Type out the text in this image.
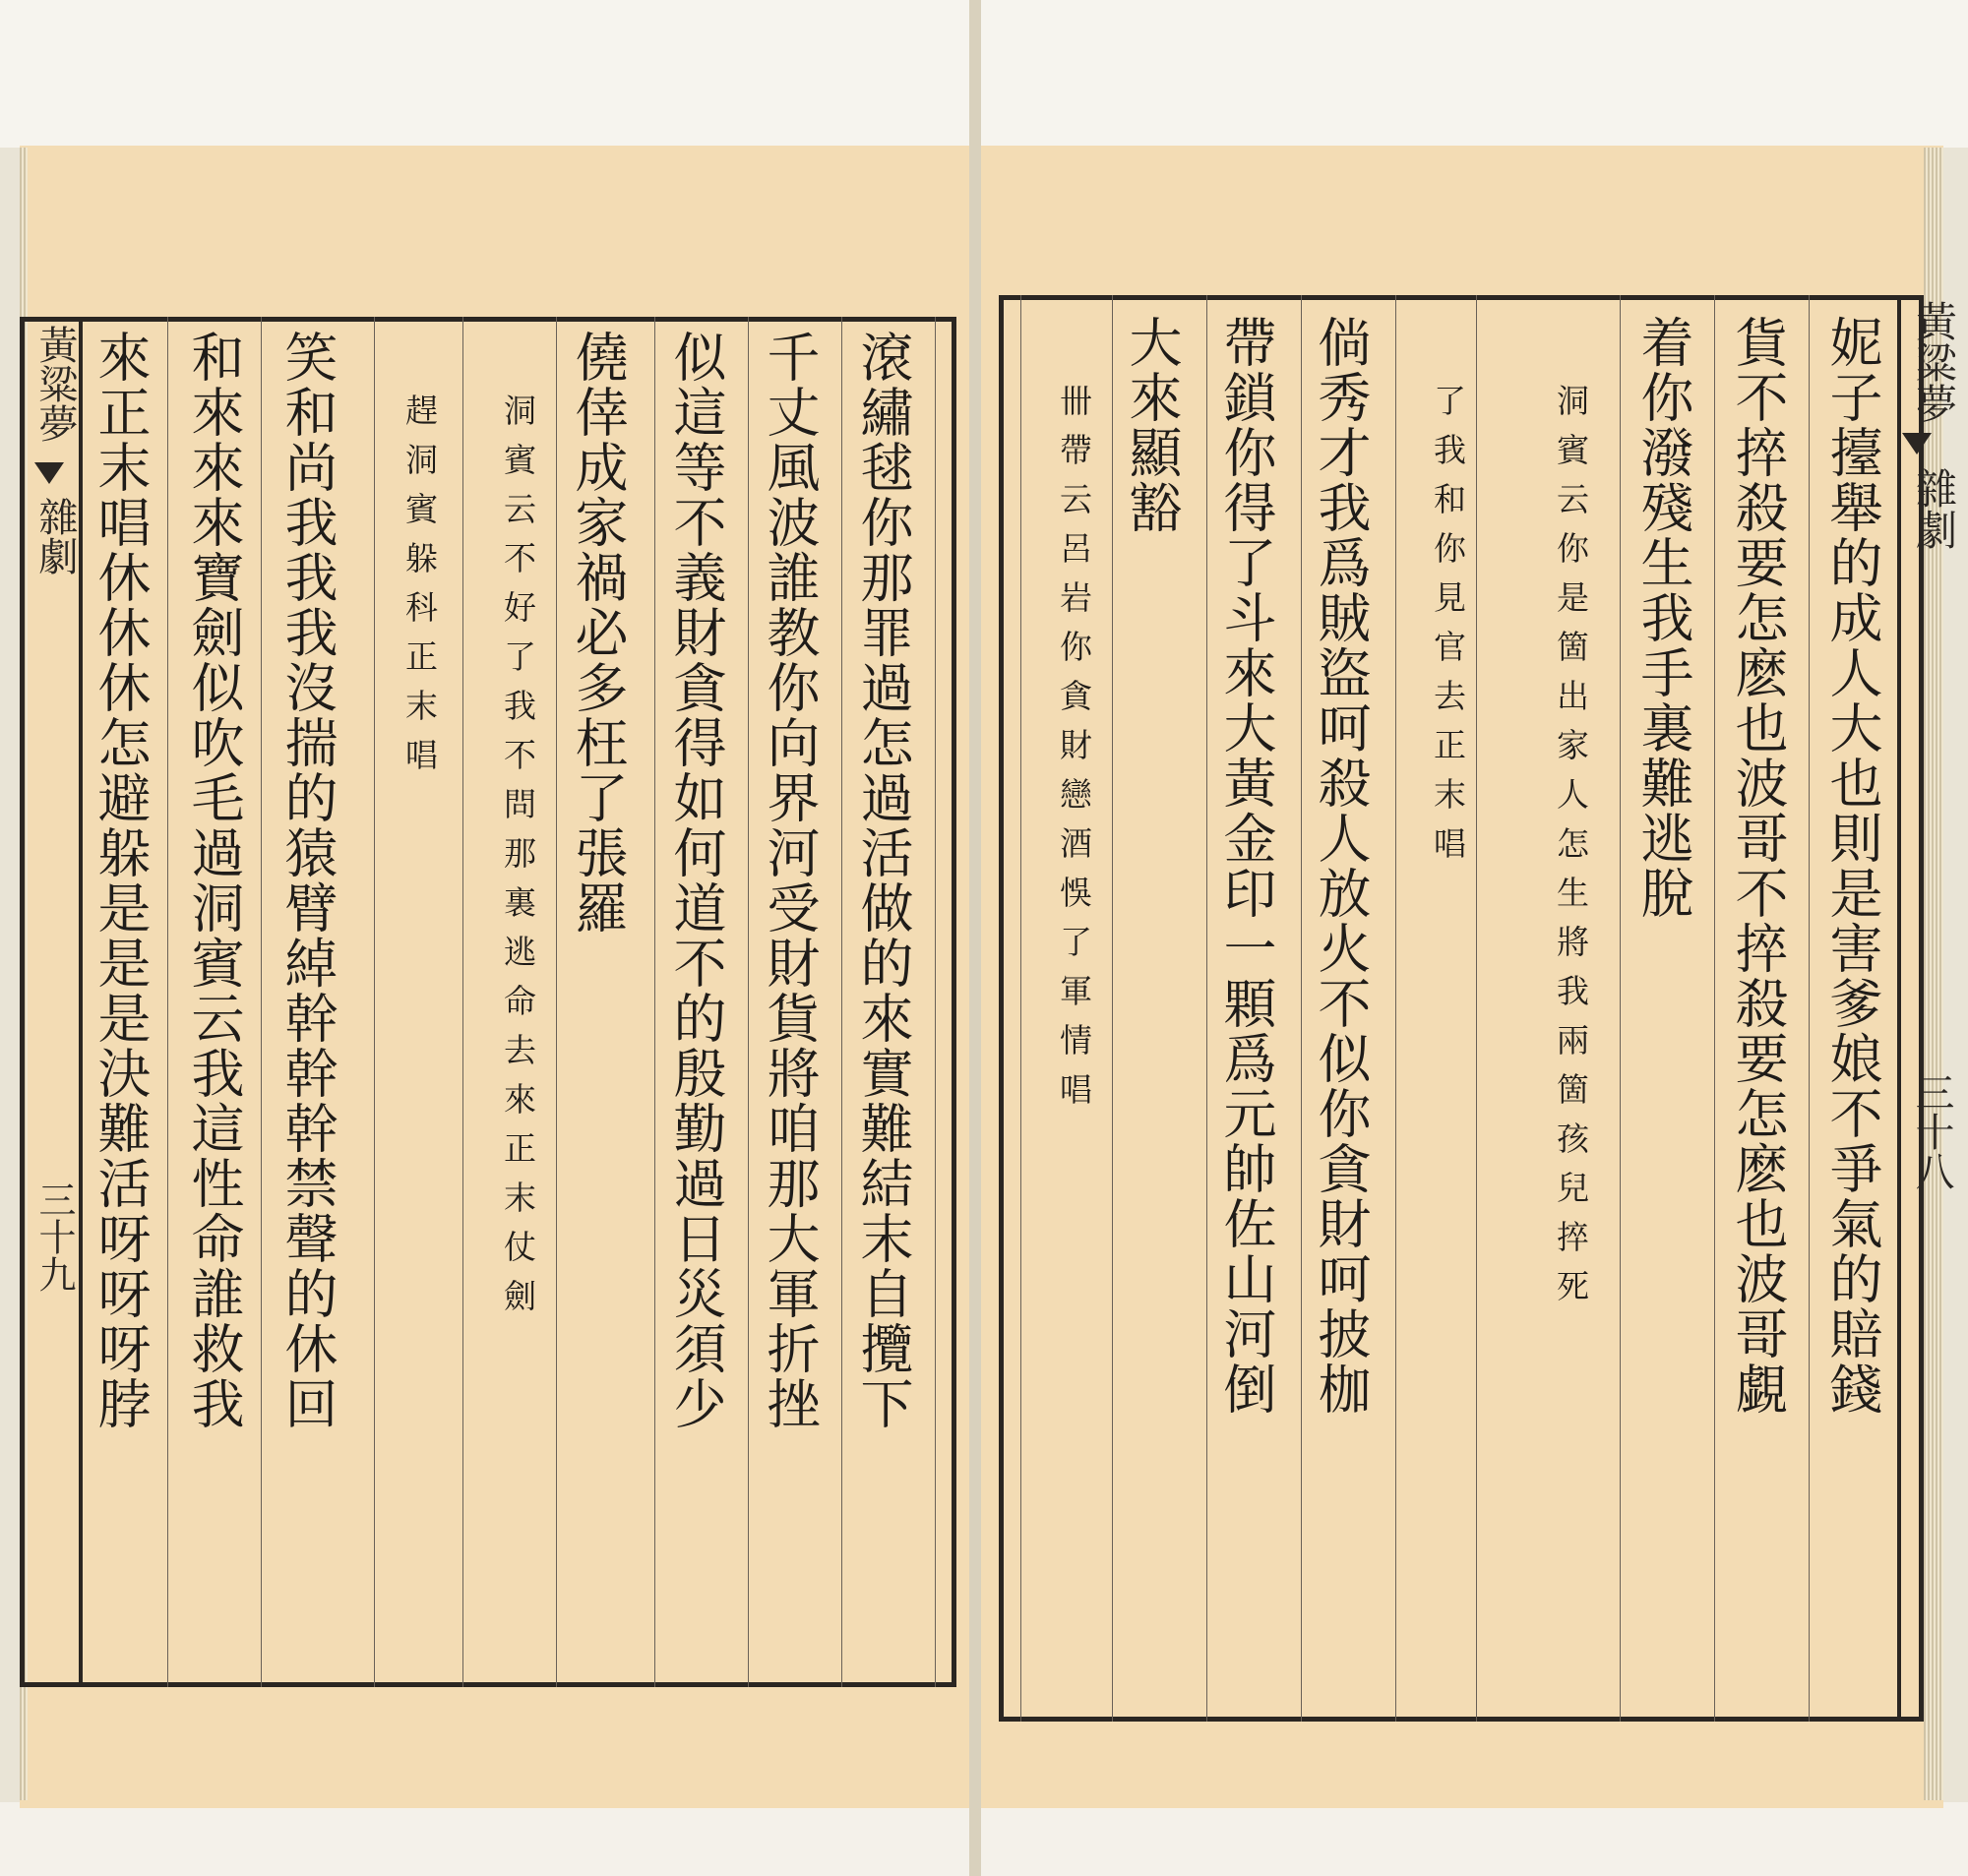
黃粱夢
雜劇
三十八
妮子擡舉的成人大也則是害爹娘不爭氣的賠錢
貨不捽殺要怎麽也波哥不捽殺要怎麽也波哥覷
着你潑殘生我手裏難逃脫
洞賓云你是箇出家人怎生將我兩箇孩兒捽死
了我和你見官去正末唱
倘秀才我爲賊盜呵殺人放火不似你貪財呵披枷
帶鎖你得了斗來大黃金印一顆爲元帥佐山河倒
大來顯豁
卌帶云呂岩你貪財戀酒悞了軍情唱
黃粱夢
雜劇
三十九	滾繡毬你那罪過怎過活做的來實難結末自攬下
千丈風波誰教你向界河受財貨將咱那大軍折挫
似這等不義財貪得如何道不的殷勤過日災須少
僥倖成家禍必多枉了張羅
洞賓云不好了我不問那裏逃命去來正末仗劍
趕洞賓躲科正末唱
笑和尚我我我沒揣的猿臂綽幹幹幹禁聲的休回
和來來來寶劍似吹毛過洞賓云我這性命誰救我
來正末唱休休休怎避躲是是是決難活呀呀呀脖
